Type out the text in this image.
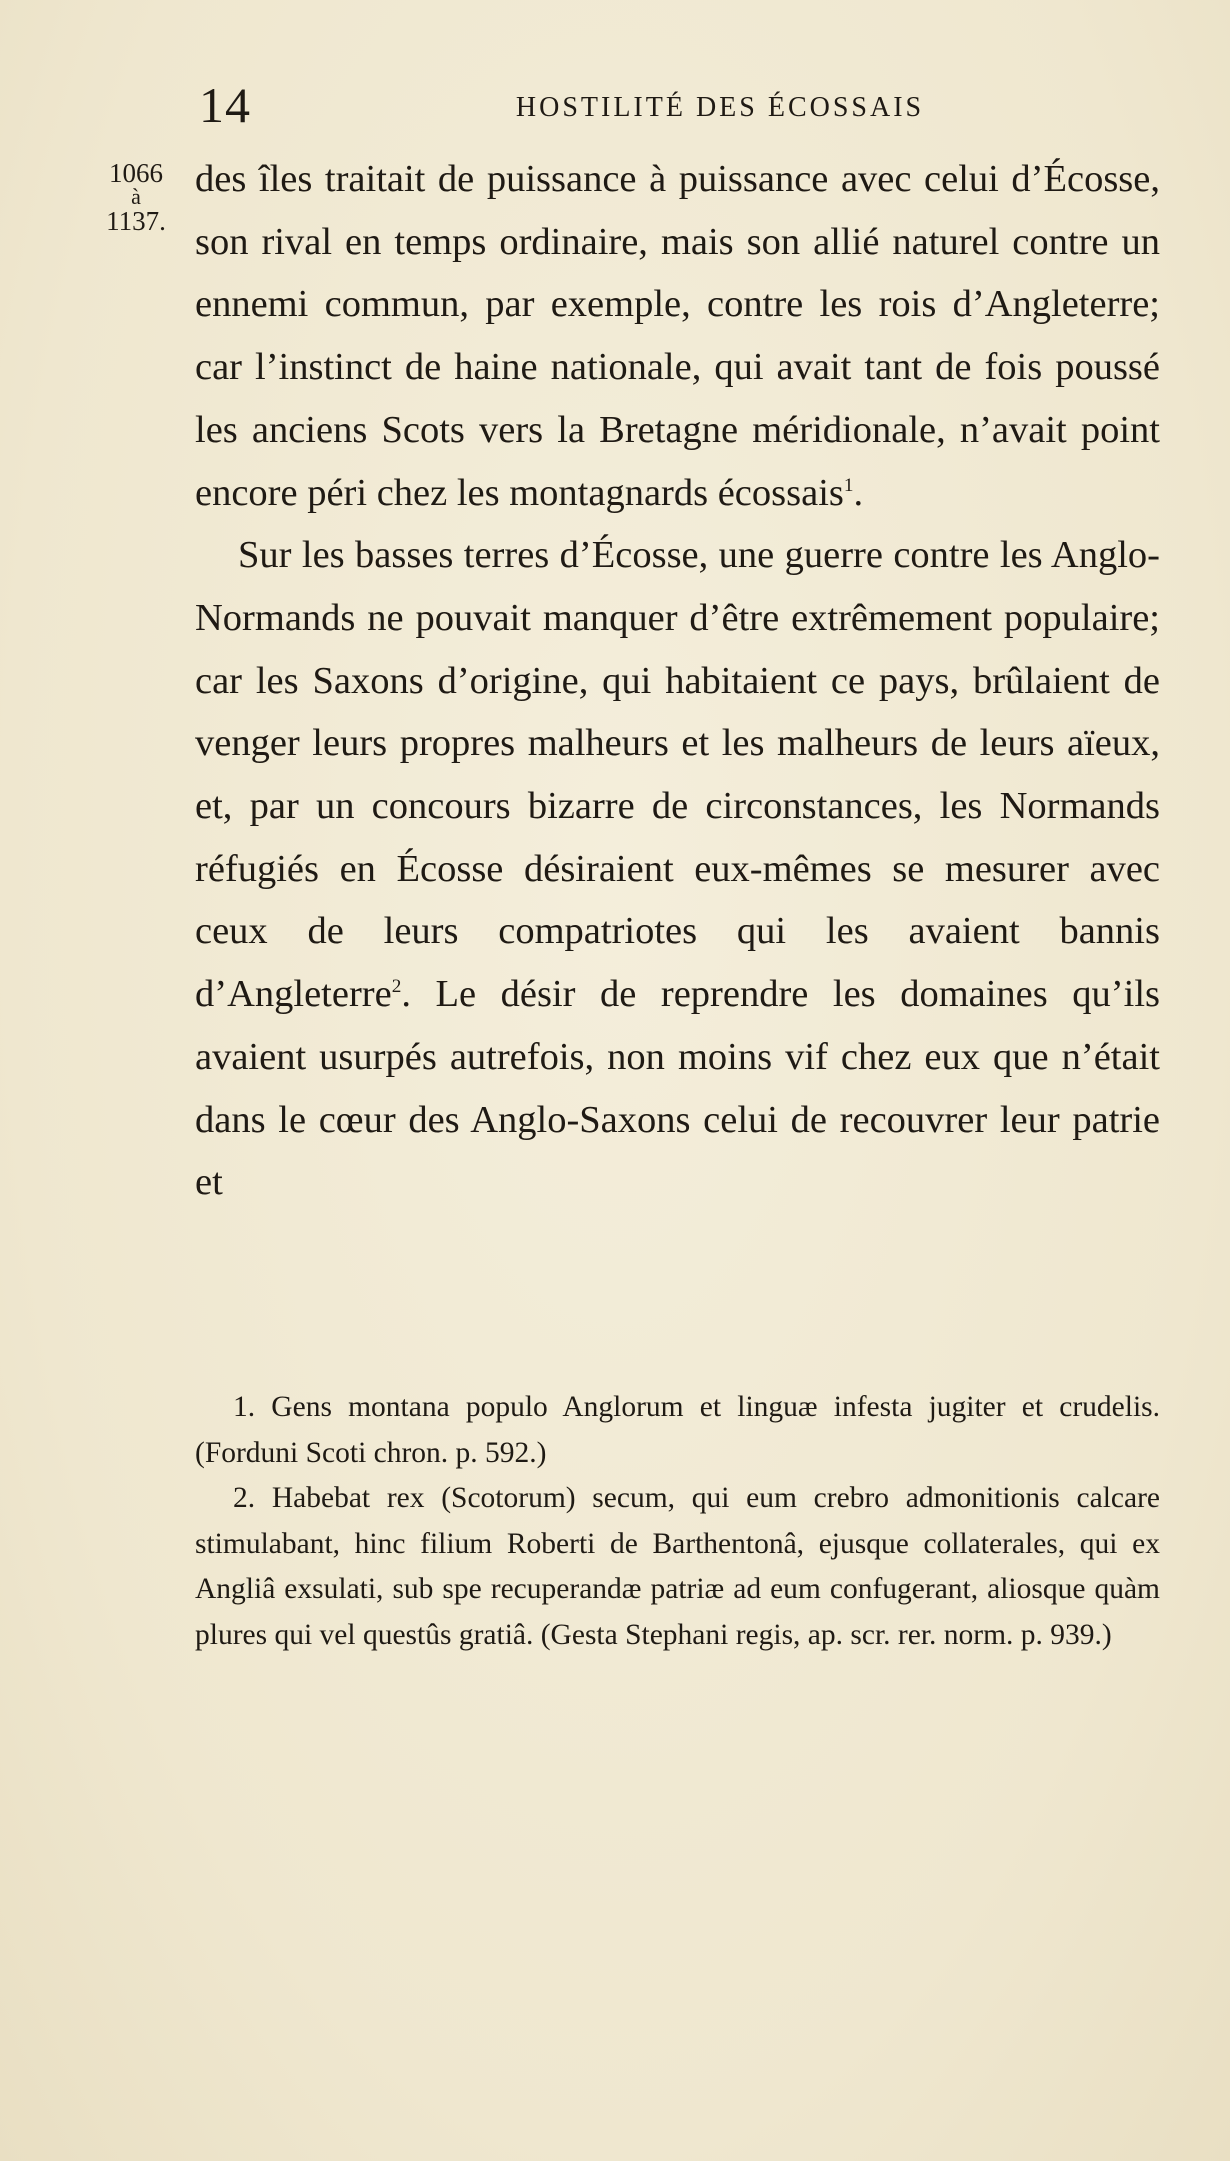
14	HOSTILITÉ DES ÉCOSSAIS
1066
à
1137.

des îles traitait de puissance à puissance avec celui d’Écosse, son rival en temps ordinaire, mais son allié naturel contre un ennemi commun, par exemple, contre les rois d’Angleterre; car l’instinct de haine nationale, qui avait tant de fois poussé les anciens Scots vers la Bretagne méridionale, n’avait point encore péri chez les montagnards écossais$^1$.

Sur les basses terres d’Écosse, une guerre contre les Anglo-Normands ne pouvait manquer d’être extrêmement populaire; car les Saxons d’origine, qui habitaient ce pays, brûlaient de venger leurs propres malheurs et les malheurs de leurs aïeux, et, par un concours bizarre de circonstances, les Normands réfugiés en Écosse désiraient eux-mêmes se mesurer avec ceux de leurs compatriotes qui les avaient bannis d’Angleterre$^2$. Le désir de reprendre les domaines qu’ils avaient usurpés autrefois, non moins vif chez eux que n’était dans le cœur des Anglo-Saxons celui de recouvrer leur patrie et

1. Gens montana populo Anglorum et linguæ infesta jugiter et crudelis. (Forduni Scoti chron. p. 592.)

2. Habebat rex (Scotorum) secum, qui eum crebro admonitionis calcare stimulabant, hinc filium Roberti de Barthentonâ, ejusque collaterales, qui ex Angliâ exsulati, sub spe recuperandæ patriæ ad eum confugerant, aliosque quàm plures qui vel questûs gratiâ. (Gesta Stephani regis, ap. scr. rer. norm. p. 939.)
